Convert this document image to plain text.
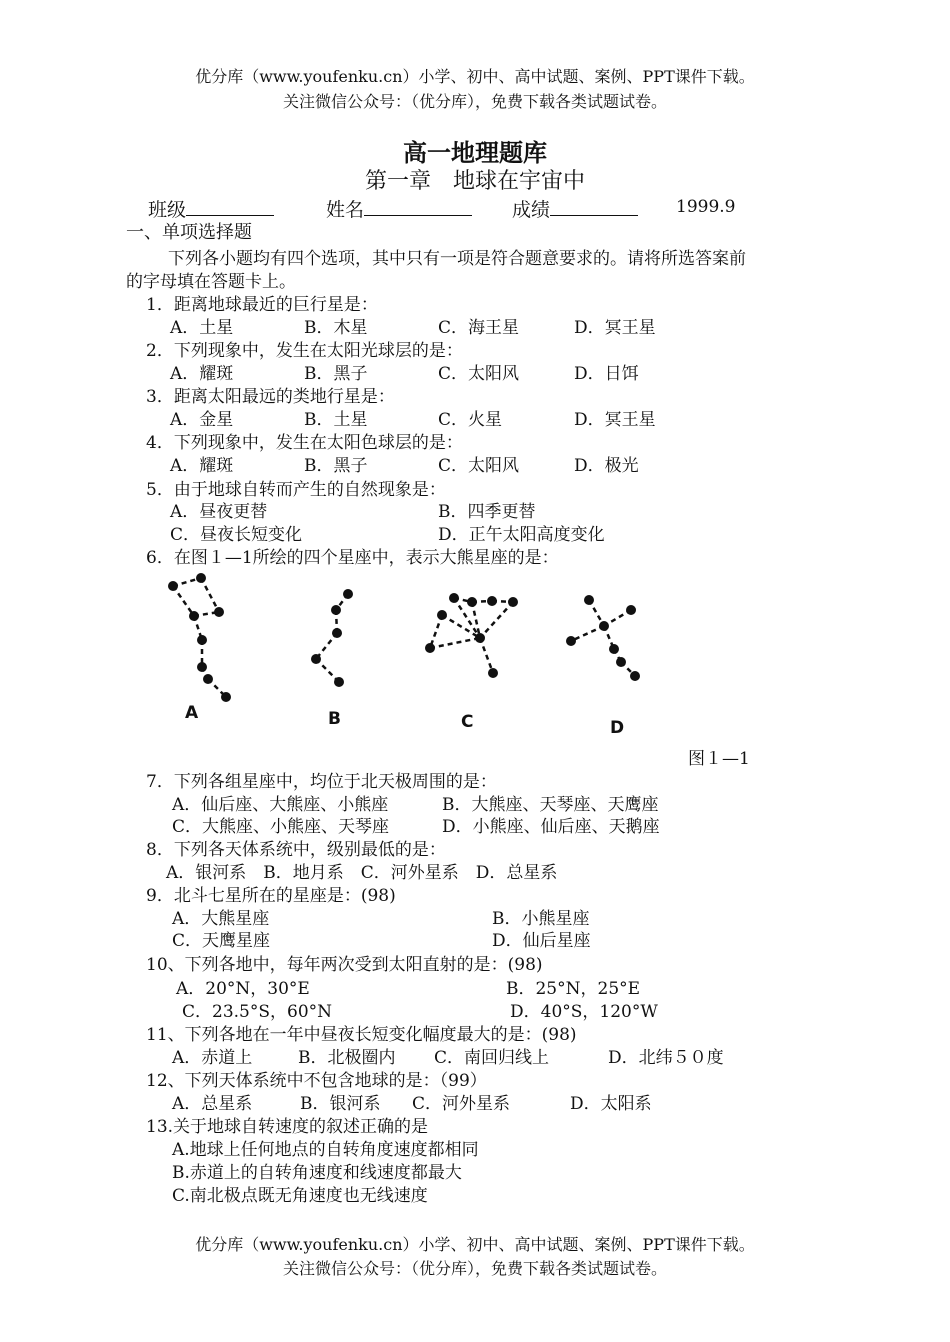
优分库（www.youfenku.cn）小学、初中、高中试题、案例、PPT课件下载。
关注微信公众号：（优分库），免费下载各类试题试卷。
高一地理题库
第一章　地球在宇宙中
班级	姓名	成绩	1999.9
一、单项选择题
下列各小题均有四个选项，其中只有一项是符合题意要求的。请将所选答案前
的字母填在答题卡上。
1．距离地球最近的巨行星是：
A．土星	B．木星	C．海王星	D．冥王星
2．下列现象中，发生在太阳光球层的是：
A．耀斑	B．黑子	C．太阳风	D．日饵
3．距离太阳最远的类地行星是：
A．金星	B．土星	C．火星	D．冥王星
4．下列现象中，发生在太阳色球层的是：
A．耀斑	B．黑子	C．太阳风	D．极光
5．由于地球自转而产生的自然现象是：
A．昼夜更替	B．四季更替
C．昼夜长短变化	D．正午太阳高度变化
6．在图１—1所绘的四个星座中，表示大熊星座的是：
A	B	C	D
图１—1
7．下列各组星座中，均位于北天极周围的是：
A．仙后座、大熊座、小熊座	B．大熊座、天琴座、天鹰座
C．大熊座、小熊座、天琴座	D．小熊座、仙后座、天鹅座
8．下列各天体系统中，级别最低的是：
A．银河系　B．地月系　C．河外星系　D．总星系
9．北斗七星所在的星座是：(98)
A．大熊星座	B．小熊星座
C．天鹰星座	D．仙后星座
10、下列各地中，每年两次受到太阳直射的是：(98)
A．20°N，30°E	B．25°N，25°E
C．23.5°S，60°N	D．40°S，120°W
11、下列各地在一年中昼夜长短变化幅度最大的是：(98)
A．赤道上	B．北极圈内 C．南回归线上	D．北纬５０度
12、下列天体系统中不包含地球的是：（99）
A．总星系	B．银河系 C．河外星系	D．太阳系
13.关于地球自转速度的叙述正确的是
A.地球上任何地点的自转角度速度都相同
B.赤道上的自转角速度和线速度都最大
C.南北极点既无角速度也无线速度
优分库（www.youfenku.cn）小学、初中、高中试题、案例、PPT课件下载。
关注微信公众号：（优分库），免费下载各类试题试卷。
